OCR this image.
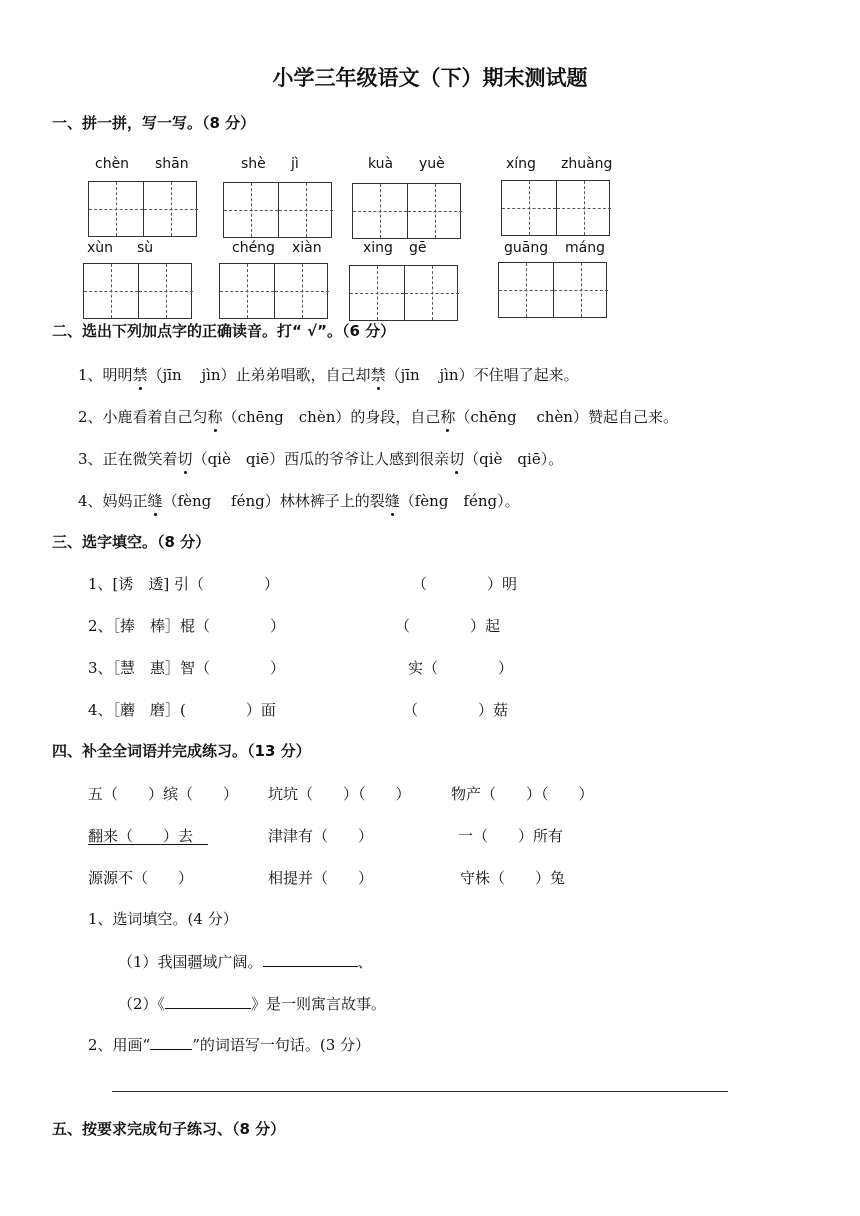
小学三年级语文（下）期末测试题
一、拼一拼，写一写。（8 分）
chèn shān	shè jì	kuà yuè	xíng zhuàng
xùn sù	chéng xiàn	xing gē	guāng máng
二、选出下列加点字的正确读音。打“ √”。（6 分）
1、明明禁（jīn　 jìn）止弟弟唱歌，自己却禁（jīn　 jìn）不住唱了起来。
2、小鹿看着自己匀称（chēng　chèn）的身段，自己称（chēng　 chèn）赞起自己来。
3、正在微笑着切（qiè　qiē）西瓜的爷爷让人感到很亲切（qiè　qiē）。
4、妈妈正缝（fèng　 féng）林林裤子上的裂缝（fèng　féng）。
三、选字填空。（8 分）
1、[诱　透] 引（　　　　）	（　　　　）明
2、［捧　棒］棍（　　　　）	（　　　　）起
3、［慧　惠］智（　　　　）	实（　　　　）
4、［蘑　磨］(　　　　）面	（　　　　）菇
四、补全全词语并完成练习。（13 分）
五（　　）缤（　　） 坑坑（　　）（　　）	物产（　　）（　　）
翻来（　　）去　	津津有（　　）	一（　　）所有
源源不（　　）	相提并（　　）	守株（　　）兔
1、选词填空。(4 分）
（1）我国疆域广阔。	、
（2）《	》是一则寓言故事。
2、用画“	”的词语写一句话。(3 分）
五、按要求完成句子练习、（8 分）
